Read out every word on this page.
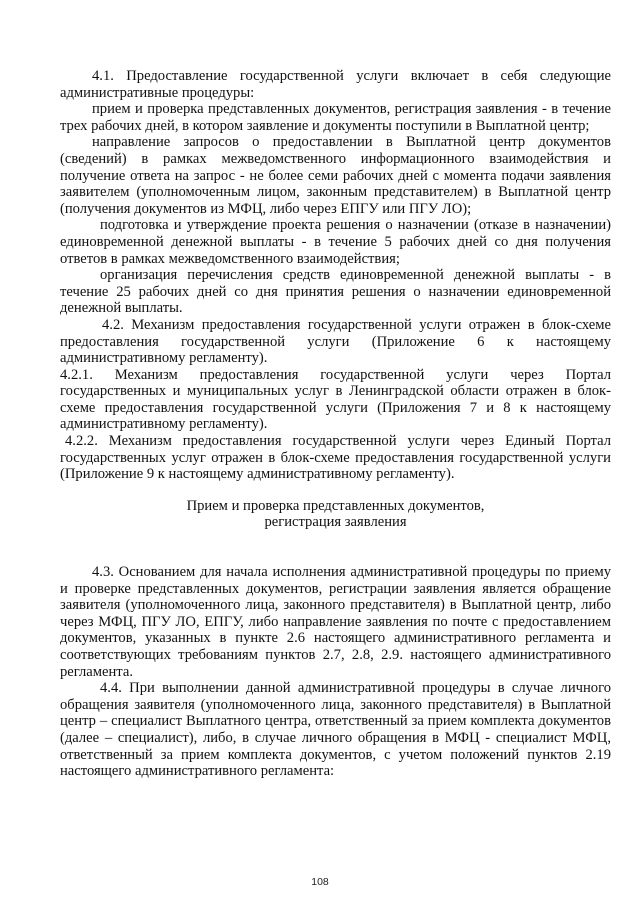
4.1. Предоставление государственной услуги включает в себя следующие административные процедуры:

прием и проверка представленных документов, регистрация заявления - в течение трех рабочих дней, в котором заявление и документы поступили в Выплатной центр;

направление запросов о предоставлении в Выплатной центр документов (сведений) в рамках межведомственного информационного взаимодействия и получение ответа на запрос - не более семи рабочих дней с момента подачи заявления заявителем (уполномоченным лицом, законным представителем) в Выплатной центр (получения документов из МФЦ, либо через ЕПГУ или ПГУ ЛО);

подготовка и утверждение проекта решения о назначении (отказе в назначении) единовременной денежной выплаты - в течение 5 рабочих дней со дня получения ответов в рамках межведомственного взаимодействия;

организация перечисления средств единовременной денежной выплаты - в течение 25 рабочих дней со дня принятия решения о назначении единовременной денежной выплаты.

4.2. Механизм предоставления государственной услуги отражен в блок-схеме предоставления государственной услуги (Приложение 6 к настоящему административному регламенту).

4.2.1. Механизм предоставления государственной услуги через Портал государственных и муниципальных услуг в Ленинградской области отражен в блок-схеме предоставления государственной услуги (Приложения 7 и 8 к настоящему административному регламенту).

4.2.2. Механизм предоставления государственной услуги через Единый Портал государственных услуг отражен в блок-схеме предоставления государственной услуги (Приложение 9 к настоящему административному регламенту).

Прием и проверка представленных документов,
регистрация заявления

4.3. Основанием для начала исполнения административной процедуры по приему и проверке представленных документов, регистрации заявления является обращение заявителя (уполномоченного лица, законного представителя) в Выплатной центр, либо через МФЦ, ПГУ ЛО, ЕПГУ, либо направление заявления по почте с предоставлением документов, указанных в пункте 2.6 настоящего административного регламента и соответствующих требованиям пунктов 2.7, 2.8, 2.9. настоящего административного регламента.

4.4. При выполнении данной административной процедуры в случае личного обращения заявителя (уполномоченного лица, законного представителя) в Выплатной центр – специалист Выплатного центра, ответственный за прием комплекта документов (далее – специалист), либо, в случае личного обращения в МФЦ - специалист МФЦ, ответственный за прием комплекта документов, с учетом положений пунктов 2.19 настоящего административного регламента:

108
